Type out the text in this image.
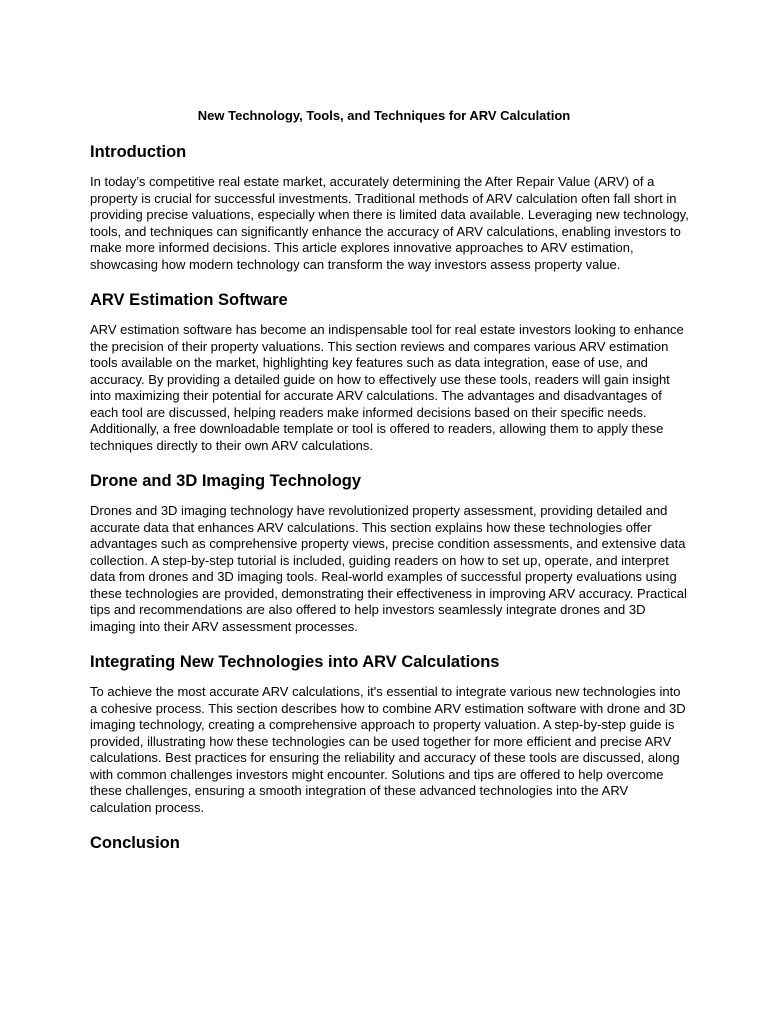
New Technology, Tools, and Techniques for ARV Calculation
Introduction

In today’s competitive real estate market, accurately determining the After Repair Value (ARV) of a property is crucial for successful investments. Traditional methods of ARV calculation often fall short in providing precise valuations, especially when there is limited data available. Leveraging new technology, tools, and techniques can significantly enhance the accuracy of ARV calculations, enabling investors to make more informed decisions. This article explores innovative approaches to ARV estimation, showcasing how modern technology can transform the way investors assess property value.

ARV Estimation Software

ARV estimation software has become an indispensable tool for real estate investors looking to enhance the precision of their property valuations. This section reviews and compares various ARV estimation tools available on the market, highlighting key features such as data integration, ease of use, and accuracy. By providing a detailed guide on how to effectively use these tools, readers will gain insight into maximizing their potential for accurate ARV calculations. The advantages and disadvantages of each tool are discussed, helping readers make informed decisions based on their specific needs. Additionally, a free downloadable template or tool is offered to readers, allowing them to apply these techniques directly to their own ARV calculations.

Drone and 3D Imaging Technology

Drones and 3D imaging technology have revolutionized property assessment, providing detailed and accurate data that enhances ARV calculations. This section explains how these technologies offer advantages such as comprehensive property views, precise condition assessments, and extensive data collection. A step-by-step tutorial is included, guiding readers on how to set up, operate, and interpret data from drones and 3D imaging tools. Real-world examples of successful property evaluations using these technologies are provided, demonstrating their effectiveness in improving ARV accuracy. Practical tips and recommendations are also offered to help investors seamlessly integrate drones and 3D imaging into their ARV assessment processes.

Integrating New Technologies into ARV Calculations

To achieve the most accurate ARV calculations, it's essential to integrate various new technologies into a cohesive process. This section describes how to combine ARV estimation software with drone and 3D imaging technology, creating a comprehensive approach to property valuation. A step-by-step guide is provided, illustrating how these technologies can be used together for more efficient and precise ARV calculations. Best practices for ensuring the reliability and accuracy of these tools are discussed, along with common challenges investors might encounter. Solutions and tips are offered to help overcome these challenges, ensuring a smooth integration of these advanced technologies into the ARV calculation process.

Conclusion
